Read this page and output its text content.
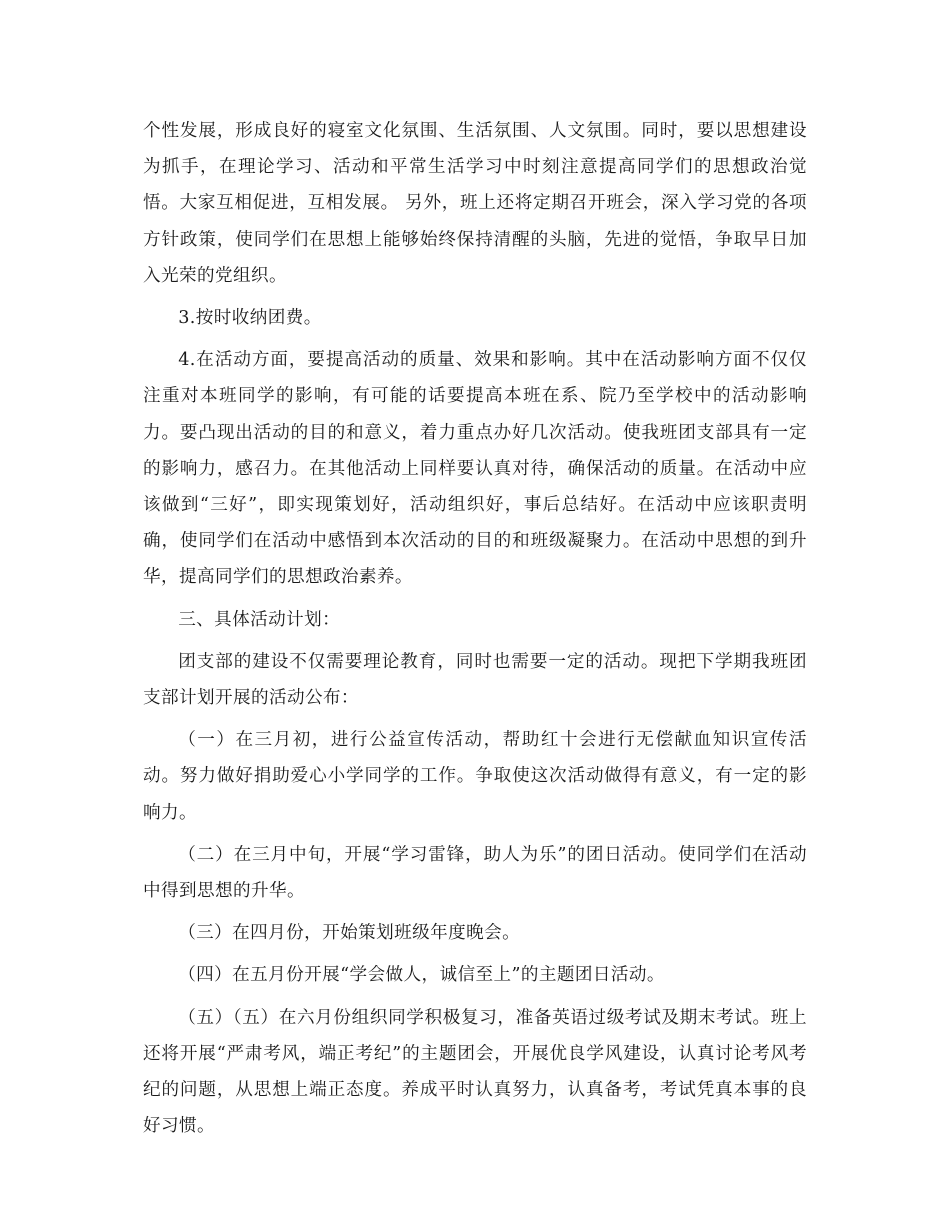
个性发展，形成良好的寝室文化氛围、生活氛围、人文氛围。同时，要以思想建设为抓手，在理论学习、活动和平常生活学习中时刻注意提高同学们的思想政治觉悟。大家互相促进，互相发展。 另外，班上还将定期召开班会，深入学习党的各项方针政策，使同学们在思想上能够始终保持清醒的头脑，先进的觉悟，争取早日加入光荣的党组织。

3.按时收纳团费。

4.在活动方面，要提高活动的质量、效果和影响。其中在活动影响方面不仅仅注重对本班同学的影响，有可能的话要提高本班在系、院乃至学校中的活动影响力。要凸现出活动的目的和意义，着力重点办好几次活动。使我班团支部具有一定的影响力，感召力。在其他活动上同样要认真对待，确保活动的质量。在活动中应该做到“三好”，即实现策划好，活动组织好，事后总结好。在活动中应该职责明确，使同学们在活动中感悟到本次活动的目的和班级凝聚力。在活动中思想的到升华，提高同学们的思想政治素养。

三、具体活动计划：

团支部的建设不仅需要理论教育，同时也需要一定的活动。现把下学期我班团支部计划开展的活动公布：

（一）在三月初，进行公益宣传活动，帮助红十会进行无偿献血知识宣传活动。努力做好捐助爱心小学同学的工作。争取使这次活动做得有意义，有一定的影响力。

（二）在三月中旬，开展“学习雷锋，助人为乐”的团日活动。使同学们在活动中得到思想的升华。

（三）在四月份，开始策划班级年度晚会。

（四）在五月份开展“学会做人，诚信至上”的主题团日活动。

（五）（五）在六月份组织同学积极复习，准备英语过级考试及期末考试。班上还将开展“严肃考风，端正考纪”的主题团会，开展优良学风建设，认真讨论考风考纪的问题，从思想上端正态度。养成平时认真努力，认真备考，考试凭真本事的良好习惯。
